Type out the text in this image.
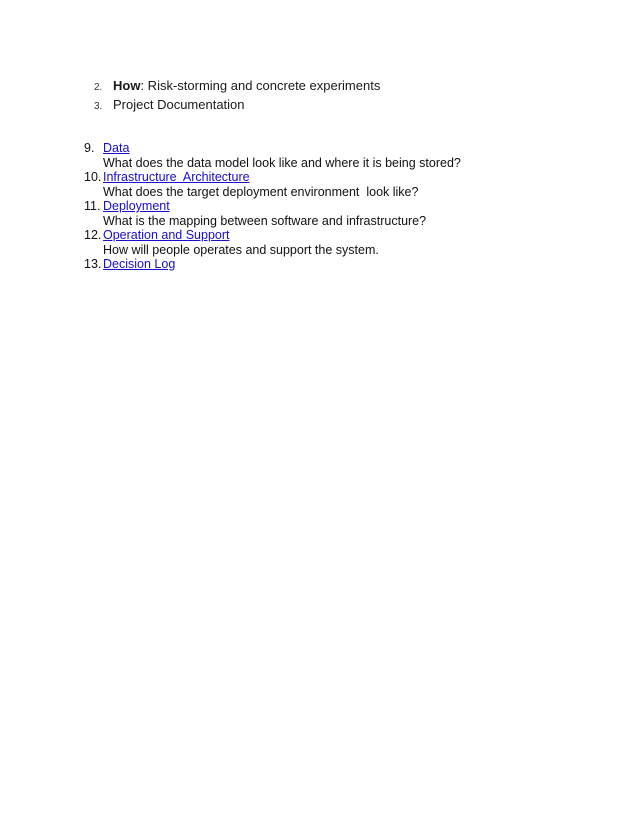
2. How: Risk-storming and concrete experiments
3. Project Documentation
9. Data
What does the data model look like and where it is being stored?
10. Infrastructure  Architecture
What does the target deployment environment  look like?
11. Deployment
What is the mapping between software and infrastructure?
12. Operation and Support
How will people operates and support the system.
13. Decision Log
